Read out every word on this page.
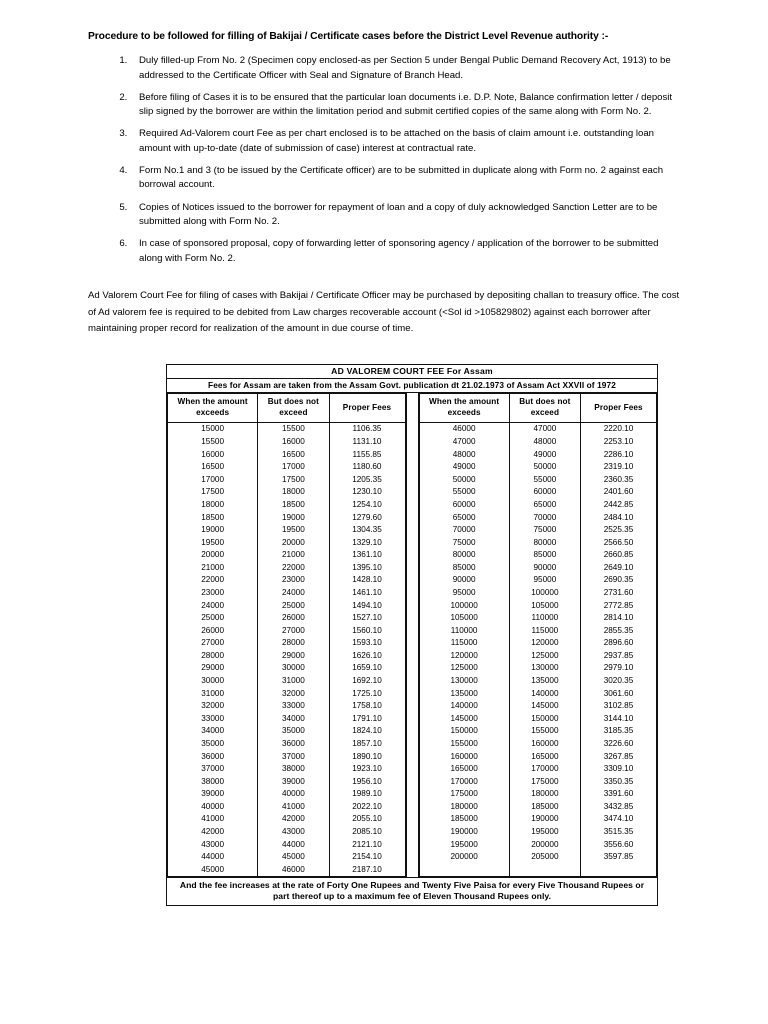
Procedure to be followed for filling of Bakijai / Certificate cases before the District Level Revenue authority :-
1. Duly filled-up From No. 2 (Specimen copy enclosed-as per Section 5 under Bengal Public Demand Recovery Act, 1913) to be addressed to the Certificate Officer with Seal and Signature of Branch Head.
2. Before filing of Cases it is to be ensured that the particular loan documents i.e. D.P. Note, Balance confirmation letter / deposit slip signed by the borrower are within the limitation period and submit certified copies of the same along with Form No. 2.
3. Required Ad-Valorem court Fee as per chart enclosed is to be attached on the basis of claim amount i.e. outstanding loan amount with up-to-date (date of submission of case) interest at contractual rate.
4. Form No.1 and 3 (to be issued by the Certificate officer) are to be submitted in duplicate along with Form no. 2 against each borrowal account.
5. Copies of Notices issued to the borrower for repayment of loan and a copy of duly acknowledged Sanction Letter are to be submitted along with Form No. 2.
6. In case of sponsored proposal, copy of forwarding letter of sponsoring agency / application of the borrower to be submitted along with Form No. 2.

Ad Valorem Court Fee for filing of cases with Bakijai / Certificate Officer may be purchased by depositing challan to treasury office. The cost of Ad valorem fee is required to be debited from Law charges recoverable account (<Sol id >105829802) against each borrower after maintaining proper record for realization of the amount in due course of time.

AD VALOREM COURT FEE For Assam
Fees for Assam are taken from the Assam Govt. publication dt 21.02.1973 of Assam Act XXVII of 1972
When the amount exceeds	But does not exceed	Proper Fees
15000	15500	1106.35
15500	16000	1131.10
16000	16500	1155.85
16500	17000	1180.60
17000	17500	1205.35
17500	18000	1230.10
18000	18500	1254.10
18500	19000	1279.60
19000	19500	1304.35
19500	20000	1329.10
20000	21000	1361.10
21000	22000	1395.10
22000	23000	1428.10
23000	24000	1461.10
24000	25000	1494.10
25000	26000	1527.10
26000	27000	1560.10
27000	28000	1593.10
28000	29000	1626.10
29000	30000	1659.10
30000	31000	1692.10
31000	32000	1725.10
32000	33000	1758.10
33000	34000	1791.10
34000	35000	1824.10
35000	36000	1857.10
36000	37000	1890.10
37000	38000	1923.10
38000	39000	1956.10
39000	40000	1989.10
40000	41000	2022.10
41000	42000	2055.10
42000	43000	2085.10
43000	44000	2121.10
44000	45000	2154.10
45000	46000	2187.10
When the amount exceeds	But does not exceed	Proper Fees
46000	47000	2220.10
47000	48000	2253.10
48000	49000	2286.10
49000	50000	2319.10
50000	55000	2360.35
55000	60000	2401.60
60000	65000	2442.85
65000	70000	2484.10
70000	75000	2525.35
75000	80000	2566.50
80000	85000	2660.85
85000	90000	2649.10
90000	95000	2690.35
95000	100000	2731.60
100000	105000	2772.85
105000	110000	2814.10
110000	115000	2855.35
115000	120000	2896.60
120000	125000	2937.85
125000	130000	2979.10
130000	135000	3020.35
135000	140000	3061.60
140000	145000	3102.85
145000	150000	3144.10
150000	155000	3185.35
155000	160000	3226.60
160000	165000	3267.85
165000	170000	3309.10
170000	175000	3350.35
175000	180000	3391.60
180000	185000	3432.85
185000	190000	3474.10
190000	195000	3515.35
195000	200000	3556.60
200000	205000	3597.85

And the fee increases at the rate of Forty One Rupees and Twenty Five Paisa for every Five Thousand Rupees or part thereof up to a maximum fee of Eleven Thousand Rupees only.
